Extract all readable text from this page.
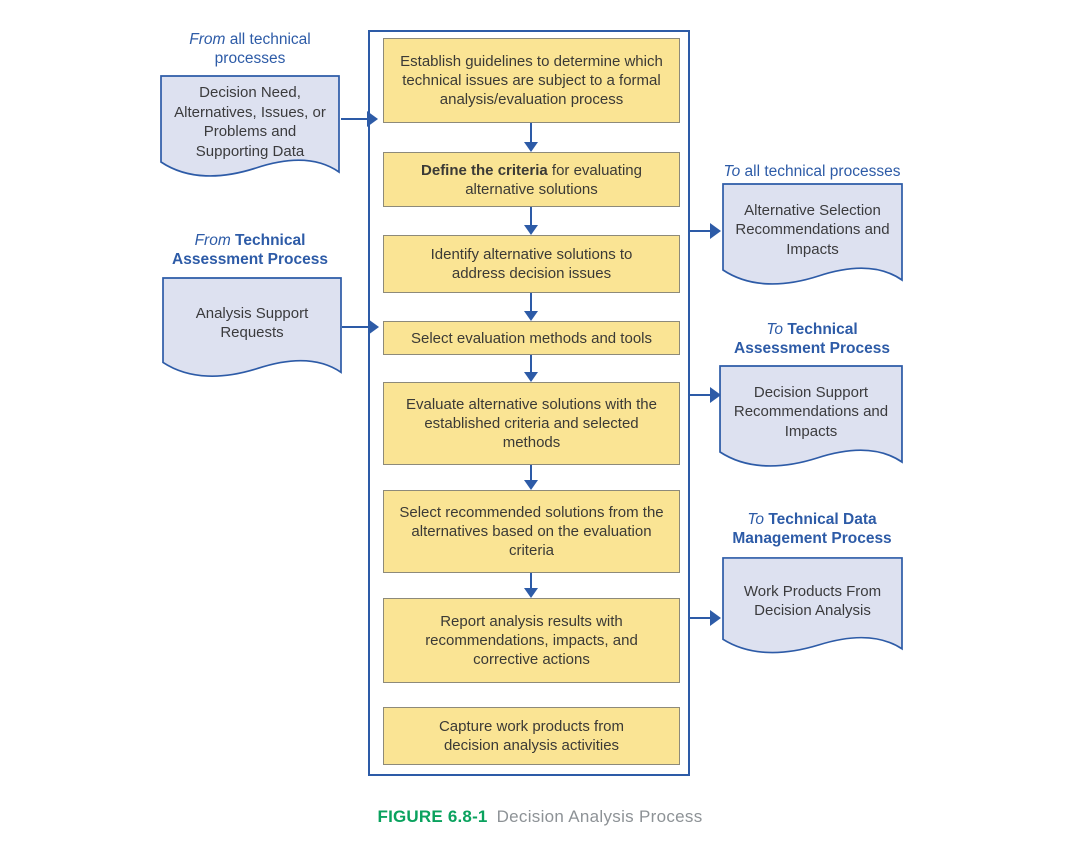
From all technical processes
From Technical
Assessment Process
Decision Need, Alternatives, Issues, or Problems and Supporting Data
Analysis Support Requests
Establish guidelines to determine which technical issues are subject to a formal analysis/evaluation process
Define the criteria for evaluating alternative solutions
Identify alternative solutions to address decision issues
Select evaluation methods and tools
Evaluate alternative solutions with the established criteria and selected methods
Select recommended solutions from the alternatives based on the evaluation criteria
Report analysis results with recommendations, impacts, and corrective actions
Capture work products from decision analysis activities
To all technical processes
To Technical
Assessment Process
To Technical Data
Management Process
Alternative Selection Recommendations and Impacts
Decision Support Recommendations and Impacts
Work Products From Decision Analysis
FIGURE 6.8-1 Decision Analysis Process
